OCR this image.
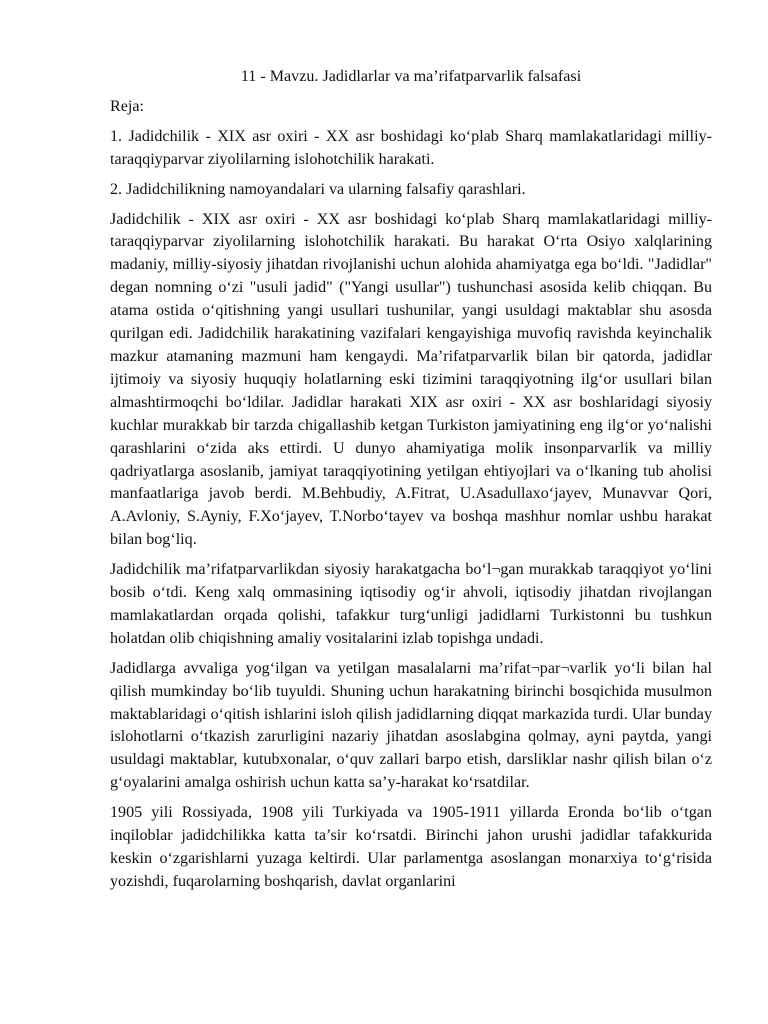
11 - Mavzu. Jadidlarlar va ma’rifatparvarlik falsafasi
Reja:
1. Jadidchilik - XIX asr oxiri - XX asr boshidagi ko‘plab Sharq mamlakatlaridagi milliy-taraqqiyparvar ziyolilarning islohotchilik harakati.
2. Jadidchilikning namoyandalari va ularning falsafiy qarashlari.
Jadidchilik - XIX asr oxiri - XX asr boshidagi ko‘plab Sharq mamlakatlaridagi milliy-taraqqiyparvar ziyolilarning islohotchilik harakati. Bu harakat O‘rta Osiyo xalqlarining madaniy, milliy-siyosiy jihatdan rivojlanishi uchun alohida ahamiyatga ega bo‘ldi. "Jadidlar" degan nomning o‘zi "usuli jadid" ("Yangi usullar") tushunchasi asosida kelib chiqqan. Bu atama ostida o‘qitishning yangi usullari tushunilar, yangi usuldagi maktablar shu asosda qurilgan edi. Jadidchilik harakatining vazifalari kengayishiga muvofiq ravishda keyinchalik mazkur atamaning mazmuni ham kengaydi. Ma’rifatparvarlik bilan bir qatorda, jadidlar ijtimoiy va siyosiy huquqiy holatlarning eski tizimini taraqqiyotning ilg‘or usullari bilan almashtirmoqchi bo‘ldilar. Jadidlar harakati XIX asr oxiri - XX asr boshlaridagi siyosiy kuchlar murakkab bir tarzda chigallashib ketgan Turkiston jamiyatining eng ilg‘or yo‘nalishi qarashlarini o‘zida aks ettirdi. U dunyo ahamiyatiga molik insonparvarlik va milliy qadriyatlarga asoslanib, jamiyat taraqqiyotining yetilgan ehtiyojlari va o‘lkaning tub aholisi manfaatlariga javob berdi. M.Behbudiy, A.Fitrat, U.Asadullaxo‘jayev, Munavvar Qori, A.Avloniy, S.Ayniy, F.Xo‘jayev, T.Norbo‘tayev va boshqa mashhur nomlar ushbu harakat bilan bog‘liq.
Jadidchilik ma’rifatparvarlikdan siyosiy harakatgacha bo‘l¬gan murakkab taraqqiyot yo‘lini bosib o‘tdi. Keng xalq ommasining iqtisodiy og‘ir ahvoli, iqtisodiy jihatdan rivojlangan mamlakatlardan orqada qolishi, tafakkur turg‘unligi jadidlarni Turkistonni bu tushkun holatdan olib chiqishning amaliy vositalarini izlab topishga undadi.
Jadidlarga avvaliga yog‘ilgan va yetilgan masalalarni ma’rifat¬par¬varlik yo‘li bilan hal qilish mumkinday bo‘lib tuyuldi. Shuning uchun harakatning birinchi bosqichida musulmon maktablaridagi o‘qitish ishlarini isloh qilish jadidlarning diqqat markazida turdi. Ular bunday islohotlarni o‘tkazish zarurligini nazariy jihatdan asoslabgina qolmay, ayni paytda, yangi usuldagi maktablar, kutubxonalar, o‘quv zallari barpo etish, darsliklar nashr qilish bilan o‘z g‘oyalarini amalga oshirish uchun katta sa’y-harakat ko‘rsatdilar.
1905 yili Rossiyada, 1908 yili Turkiyada va 1905-1911 yillarda Eronda bo‘lib o‘tgan inqiloblar jadidchilikka katta ta’sir ko‘rsatdi. Birinchi jahon urushi jadidlar tafakkurida keskin o‘zgarishlarni yuzaga keltirdi. Ular parlamentga asoslangan monarxiya to‘g‘risida yozishdi, fuqarolarning boshqarish, davlat organlarini
